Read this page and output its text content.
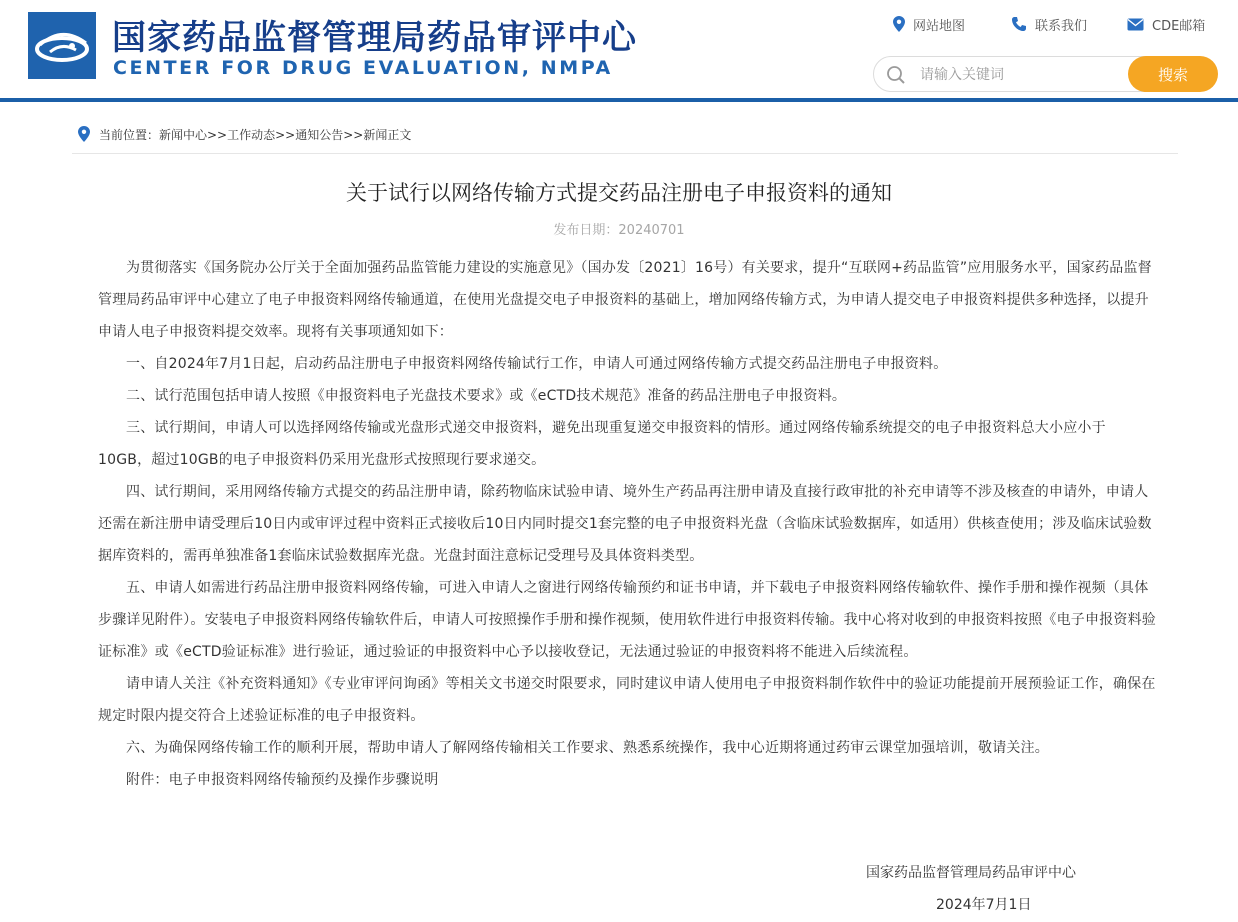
国家药品监督管理局药品审评中心
CENTER FOR DRUG EVALUATION, NMPA
网站地图	联系我们	CDE邮箱
请输入关键词
搜索
当前位置：新闻中心>>工作动态>>通知公告>>新闻正文
关于试行以网络传输方式提交药品注册电子申报资料的通知
发布日期：20240701

为贯彻落实《国务院办公厅关于全面加强药品监管能力建设的实施意见》（国办发〔2021〕16号）有关要求，提升“互联网+药品监管”应用服务水平，国家药品监督管理局药品审评中心建立了电子申报资料网络传输通道，在使用光盘提交电子申报资料的基础上，增加网络传输方式，为申请人提交电子申报资料提供多种选择，以提升申请人电子申报资料提交效率。现将有关事项通知如下：

一、自2024年7月1日起，启动药品注册电子申报资料网络传输试行工作，申请人可通过网络传输方式提交药品注册电子申报资料。

二、试行范围包括申请人按照《申报资料电子光盘技术要求》或《eCTD技术规范》准备的药品注册电子申报资料。

三、试行期间，申请人可以选择网络传输或光盘形式递交申报资料，避免出现重复递交申报资料的情形。通过网络传输系统提交的电子申报资料总大小应小于10GB，超过10GB的电子申报资料仍采用光盘形式按照现行要求递交。

四、试行期间，采用网络传输方式提交的药品注册申请，除药物临床试验申请、境外生产药品再注册申请及直接行政审批的补充申请等不涉及核查的申请外，申请人还需在新注册申请受理后10日内或审评过程中资料正式接收后10日内同时提交1套完整的电子申报资料光盘（含临床试验数据库，如适用）供核查使用；涉及临床试验数据库资料的，需再单独准备1套临床试验数据库光盘。光盘封面注意标记受理号及具体资料类型。

五、申请人如需进行药品注册申报资料网络传输，可进入申请人之窗进行网络传输预约和证书申请，并下载电子申报资料网络传输软件、操作手册和操作视频（具体步骤详见附件）。安装电子申报资料网络传输软件后，申请人可按照操作手册和操作视频，使用软件进行申报资料传输。我中心将对收到的申报资料按照《电子申报资料验证标准》或《eCTD验证标准》进行验证，通过验证的申报资料中心予以接收登记，无法通过验证的申报资料将不能进入后续流程。

请申请人关注《补充资料通知》《专业审评问询函》等相关文书递交时限要求，同时建议申请人使用电子申报资料制作软件中的验证功能提前开展预验证工作，确保在规定时限内提交符合上述验证标准的电子申报资料。

六、为确保网络传输工作的顺利开展，帮助申请人了解网络传输相关工作要求、熟悉系统操作，我中心近期将通过药审云课堂加强培训，敬请关注。

附件：电子申报资料网络传输预约及操作步骤说明

国家药品监督管理局药品审评中心
2024年7月1日
